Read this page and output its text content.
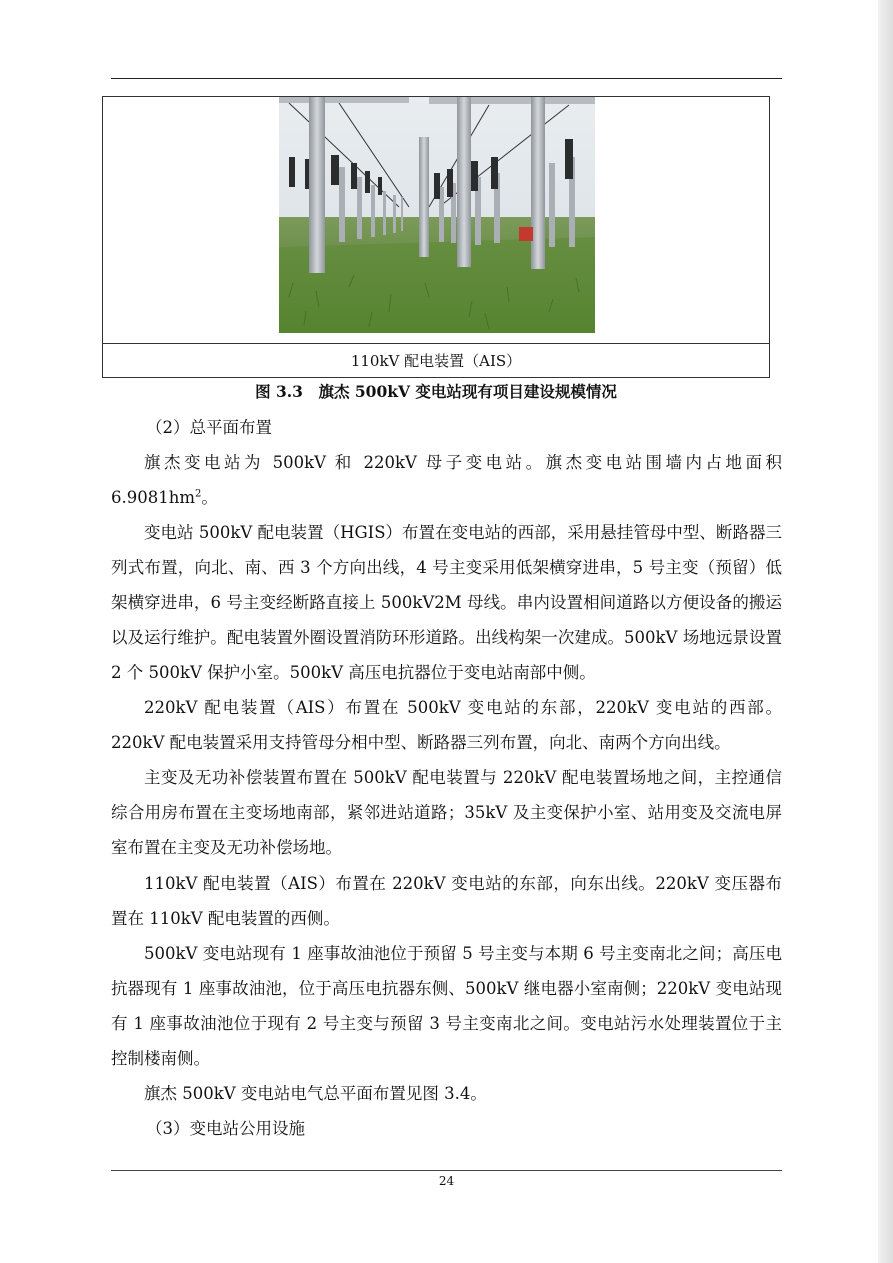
110kV 配电装置（AIS）
图 3.3　旗杰 500kV 变电站现有项目建设规模情况
（2）总平面布置

旗杰变电站为 500kV 和 220kV 母子变电站。旗杰变电站围墙内占地面积 $6.9081hm^2$。

变电站 500kV 配电装置（HGIS）布置在变电站的西部，采用悬挂管母中型、断路器三列式布置，向北、南、西 3 个方向出线，4 号主变采用低架横穿进串，5 号主变（预留）低架横穿进串，6 号主变经断路直接上 500kV2M 母线。串内设置相间道路以方便设备的搬运以及运行维护。配电装置外圈设置消防环形道路。出线构架一次建成。500kV 场地远景设置 2 个 500kV 保护小室。500kV 高压电抗器位于变电站南部中侧。

220kV 配电装置（AIS）布置在 500kV 变电站的东部，220kV 变电站的西部。220kV 配电装置采用支持管母分相中型、断路器三列布置，向北、南两个方向出线。

主变及无功补偿装置布置在 500kV 配电装置与 220kV 配电装置场地之间，主控通信综合用房布置在主变场地南部，紧邻进站道路；35kV 及主变保护小室、站用变及交流电屏室布置在主变及无功补偿场地。

110kV 配电装置（AIS）布置在 220kV 变电站的东部，向东出线。220kV 变压器布置在 110kV 配电装置的西侧。

500kV 变电站现有 1 座事故油池位于预留 5 号主变与本期 6 号主变南北之间；高压电抗器现有 1 座事故油池，位于高压电抗器东侧、500kV 继电器小室南侧；220kV 变电站现有 1 座事故油池位于现有 2 号主变与预留 3 号主变南北之间。变电站污水处理装置位于主控制楼南侧。

旗杰 500kV 变电站电气总平面布置见图 3.4。

（3）变电站公用设施
24
